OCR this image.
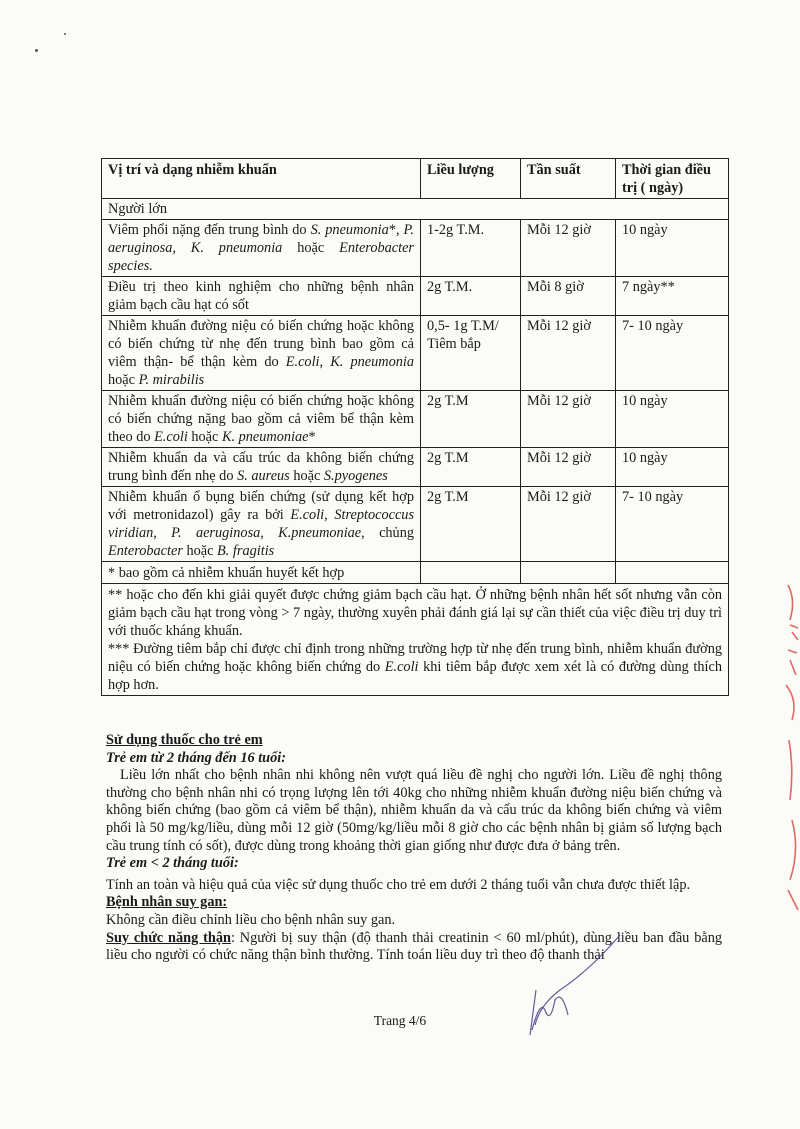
Vị trí và dạng nhiễm khuẩn	Liều lượng	Tần suất	Thời gian điều trị ( ngày)
Người lớn			
Viêm phổi nặng đến trung bình do S. pneumonia*, P. aeruginosa, K. pneumonia hoặc Enterobacter species.	1-2g T.M.	Mỗi 12 giờ	10 ngày
Điều trị theo kinh nghiệm cho những bệnh nhân giảm bạch cầu hạt có sốt	2g T.M.	Mỗi 8 giờ	7 ngày**
Nhiễm khuẩn đường niệu có biến chứng hoặc không có biến chứng từ nhẹ đến trung bình bao gồm cả viêm thận- bể thận kèm do E.coli, K. pneumonia hoặc P. mirabilis	0,5- 1g T.M/ Tiêm bắp	Mỗi 12 giờ	7- 10 ngày
Nhiễm khuẩn đường niệu có biến chứng hoặc không có biến chứng nặng bao gồm cả viêm bể thận kèm theo do E.coli hoặc K. pneumoniae*	2g T.M	Mỗi 12 giờ	10 ngày
Nhiễm khuẩn da và cấu trúc da không biến chứng trung bình đến nhẹ do S. aureus hoặc S.pyogenes	2g T.M	Mỗi 12 giờ	10 ngày
Nhiễm khuẩn ổ bụng biến chứng (sử dụng kết hợp với metronidazol) gây ra bởi E.coli, Streptococcus viridian, P. aeruginosa, K.pneumoniae, chủng Enterobacter hoặc B. fragitis	2g T.M	Mỗi 12 giờ	7- 10 ngày
* bao gồm cả nhiễm khuẩn huyết kết hợp			

** hoặc cho đến khi giải quyết được chứng giảm bạch cầu hạt. Ở những bệnh nhân hết sốt nhưng vẫn còn giảm bạch cầu hạt trong vòng > 7 ngày, thường xuyên phải đánh giá lại sự cần thiết của việc điều trị duy trì với thuốc kháng khuẩn.
*** Đường tiêm bắp chỉ được chỉ định trong những trường hợp từ nhẹ đến trung bình, nhiễm khuẩn đường niệu có biến chứng hoặc không biến chứng do E.coli khi tiêm bắp được xem xét là có đường dùng thích hợp hơn.			

Sử dụng thuốc cho trẻ em

Trẻ em từ 2 tháng đến 16 tuổi:

Liều lớn nhất cho bệnh nhân nhi không nên vượt quá liều đề nghị cho người lớn. Liều đề nghị thông thường cho bệnh nhân nhi có trọng lượng lên tới 40kg cho những nhiễm khuẩn đường niệu biến chứng và không biến chứng (bao gồm cả viêm bể thận), nhiễm khuẩn da và cấu trúc da không biến chứng và viêm phổi là 50 mg/kg/liều, dùng mỗi 12 giờ (50mg/kg/liều mỗi 8 giờ cho các bệnh nhân bị giảm số lượng bạch cầu trung tính có sốt), được dùng trong khoảng thời gian giống như được đưa ở bảng trên.

Trẻ em < 2 tháng tuổi:

Tính an toàn và hiệu quả của việc sử dụng thuốc cho trẻ em dưới 2 tháng tuổi vẫn chưa được thiết lập.

Bệnh nhân suy gan:

Không cần điều chỉnh liều cho bệnh nhân suy gan.

Suy chức năng thận: Người bị suy thận (độ thanh thải creatinin < 60 ml/phút), dùng liều ban đầu bằng liều cho người có chức năng thận bình thường. Tính toán liều duy trì theo độ thanh thải

Trang 4/6
